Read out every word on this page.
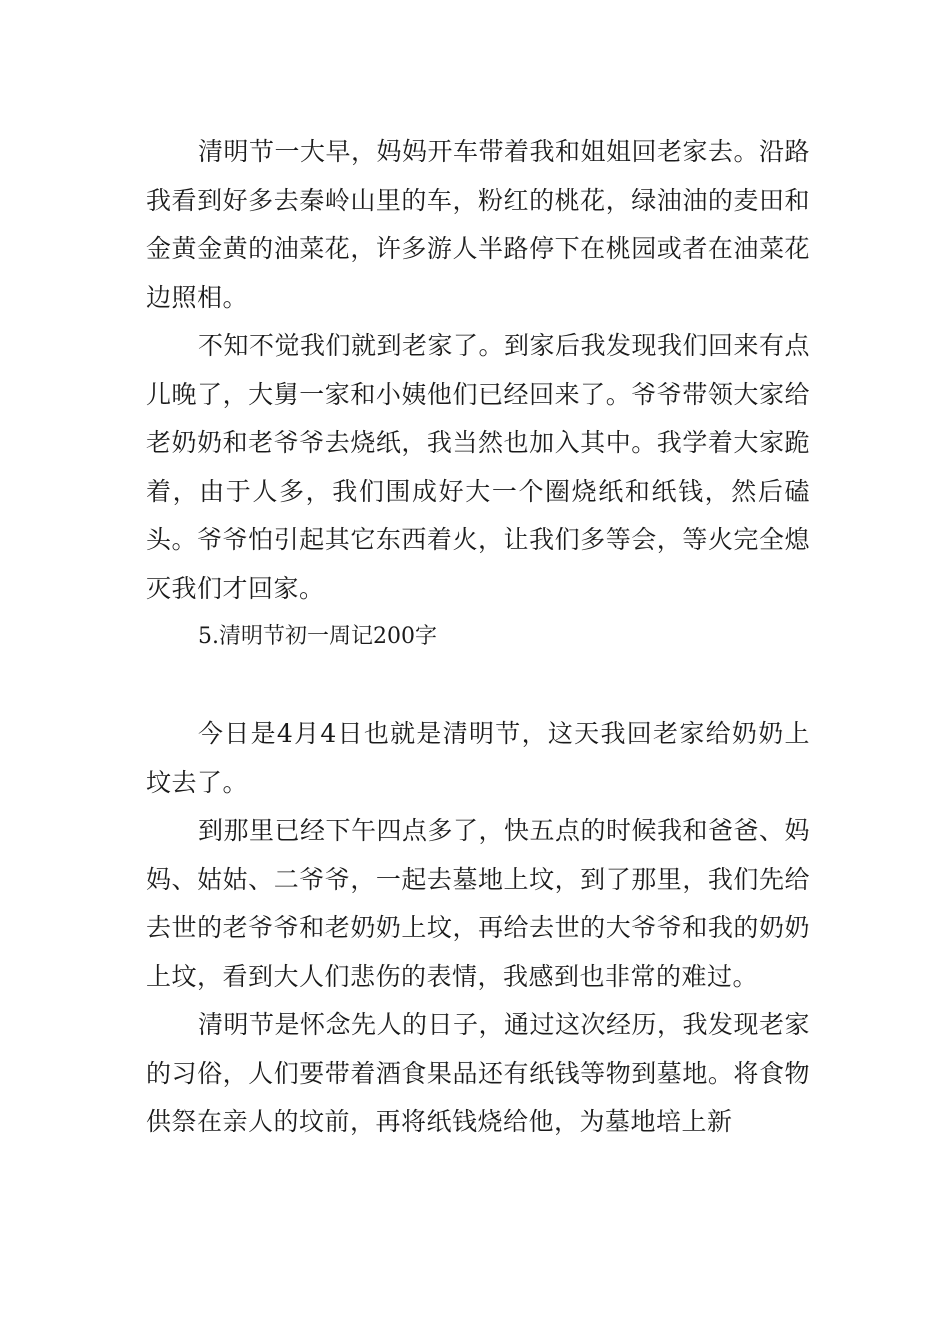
清明节一大早，妈妈开车带着我和姐姐回老家去。沿路我看到好多去秦岭山里的车，粉红的桃花，绿油油的麦田和金黄金黄的油菜花，许多游人半路停下在桃园或者在油菜花边照相。

不知不觉我们就到老家了。到家后我发现我们回来有点儿晚了，大舅一家和小姨他们已经回来了。爷爷带领大家给老奶奶和老爷爷去烧纸，我当然也加入其中。我学着大家跪着，由于人多，我们围成好大一个圈烧纸和纸钱，然后磕头。爷爷怕引起其它东西着火，让我们多等会，等火完全熄灭我们才回家。

5.清明节初一周记200字

今日是4月4日也就是清明节，这天我回老家给奶奶上坟去了。

到那里已经下午四点多了，快五点的时候我和爸爸、妈妈、姑姑、二爷爷，一起去墓地上坟，到了那里，我们先给去世的老爷爷和老奶奶上坟，再给去世的大爷爷和我的奶奶上坟，看到大人们悲伤的表情，我感到也非常的难过。

清明节是怀念先人的日子，通过这次经历，我发现老家的习俗，人们要带着酒食果品还有纸钱等物到墓地。将食物供祭在亲人的坟前，再将纸钱烧给他，为墓地培上新
